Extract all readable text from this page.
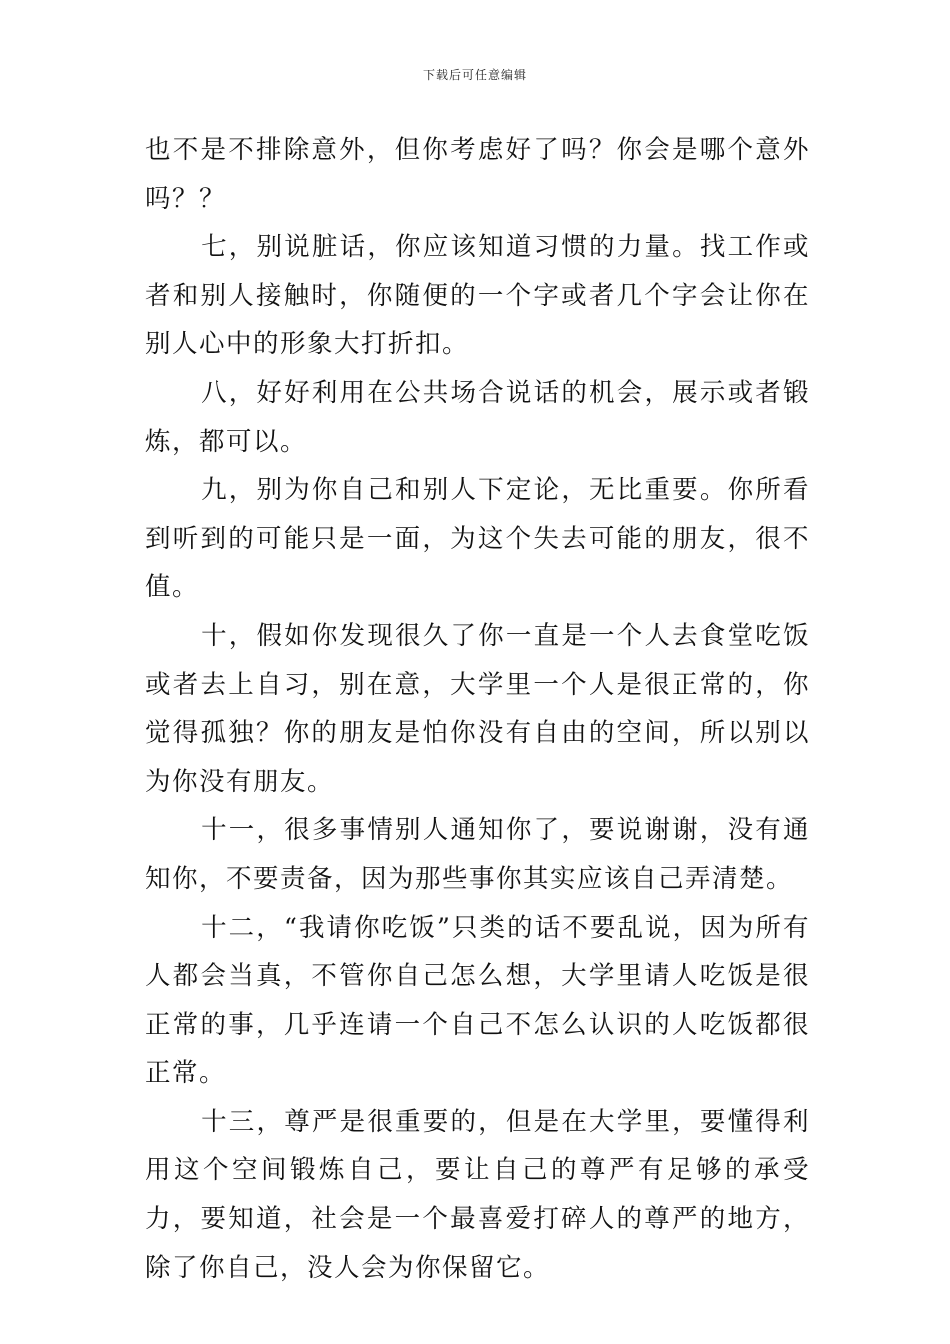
下载后可任意编辑

也不是不排除意外，但你考虑好了吗？你会是哪个意外吗？？

七，别说脏话，你应该知道习惯的力量。找工作或者和别人接触时，你随便的一个字或者几个字会让你在别人心中的形象大打折扣。

八，好好利用在公共场合说话的机会，展示或者锻炼，都可以。

九，别为你自己和别人下定论，无比重要。你所看到听到的可能只是一面，为这个失去可能的朋友，很不值。

十，假如你发现很久了你一直是一个人去食堂吃饭或者去上自习，别在意，大学里一个人是很正常的，你觉得孤独？你的朋友是怕你没有自由的空间，所以别以为你没有朋友。

十一，很多事情别人通知你了，要说谢谢，没有通知你，不要责备，因为那些事你其实应该自己弄清楚。

十二，“我请你吃饭”只类的话不要乱说，因为所有人都会当真，不管你自己怎么想，大学里请人吃饭是很正常的事，几乎连请一个自己不怎么认识的人吃饭都很正常。

十三，尊严是很重要的，但是在大学里，要懂得利用这个空间锻炼自己，要让自己的尊严有足够的承受力，要知道，社会是一个最喜爱打碎人的尊严的地方，除了你自己，没人会为你保留它。
